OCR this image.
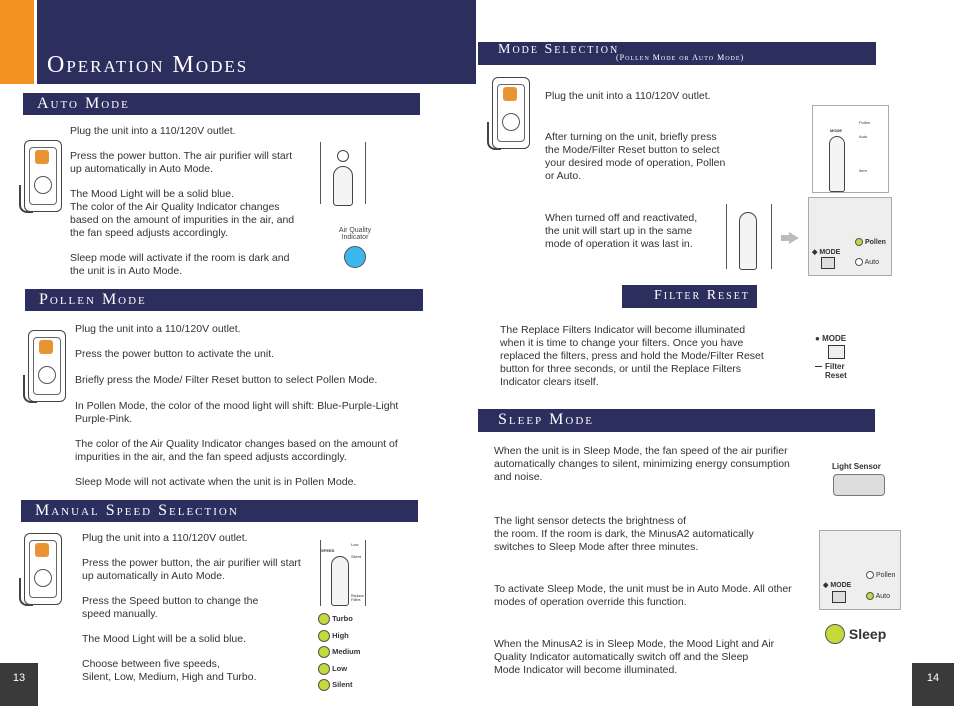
Operation Modes
Auto Mode

Plug the unit into a 110/120V outlet.

Press the power button. The air purifier will start
up automatically in Auto Mode.

The Mood Light will be a solid blue.
The color of the Air Quality Indicator changes
based on the amount of impurities in the air, and
the fan speed adjusts accordingly.

Sleep mode will activate if the room is dark and
the unit is in Auto Mode.

Air Quality
Indicator
Pollen Mode

Plug the unit into a 110/120V outlet.

Press the power button to activate the unit.

Briefly press the Mode/ Filter Reset button to select Pollen Mode.

In Pollen Mode, the color of the mood light will shift: Blue-Purple-Light
Purple-Pink.

The color of the Air Quality Indicator changes based on the amount of
impurities in the air, and the fan speed adjusts accordingly.

Sleep Mode will not activate when the unit is in Pollen Mode.

Manual Speed Selection

Plug the unit into a 110/120V outlet.

Press the power button, the air purifier will start
up automatically in Auto Mode.

Press the Speed button to change the
speed manually.

The Mood Light will be a solid blue.

Choose between five speeds,
Silent, Low, Medium, High and Turbo.

SPEED
Low
Silent
Replace
Filters
Turbo
High
Medium
Low
Silent
13
Mode Selection
(Pollen Mode or Auto Mode)

Plug the unit into a 110/120V outlet.

After turning on the unit, briefly press
the Mode/Filter Reset button to select
your desired mode of operation, Pollen
or Auto.

When turned off and reactivated,
the unit will start up in the same
mode of operation it was last in.

MODE
Pollen
Auto
Item
◆ MODE
Pollen
Auto
Filter Reset

The Replace Filters Indicator will become illuminated
when it is time to change your filters. Once you have
replaced the filters, press and hold the Mode/Filter Reset
button for three seconds, or until the Replace Filters
Indicator clears itself.

● MODE
Filter
Reset
Sleep Mode

When the unit is in Sleep Mode, the fan speed of the air purifier
automatically changes to silent, minimizing energy consumption
and noise.

The light sensor detects the brightness of
the room. If the room is dark, the MinusA2 automatically
switches to Sleep Mode after three minutes.

To activate Sleep Mode, the unit must be in Auto Mode. All other
modes of operation override this function.

When the MinusA2 is in Sleep Mode, the Mood Light and Air
Quality Indicator automatically switch off and the Sleep
Mode Indicator will become illuminated.

Light Sensor
◆ MODE
Pollen
Auto
Sleep
14
